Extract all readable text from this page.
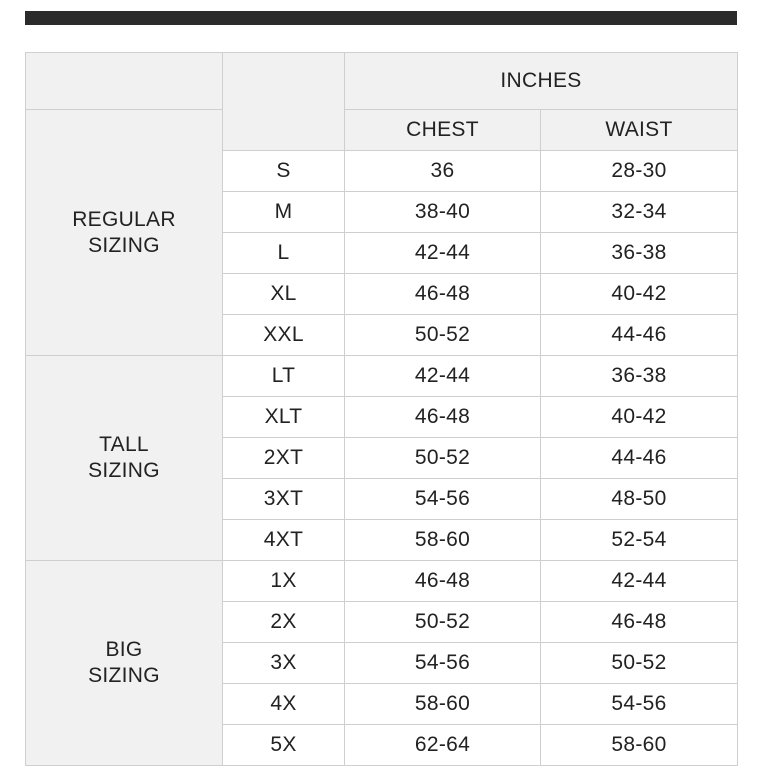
		INCHES	
REGULAR
SIZING		CHEST	WAIST
	S	36	28-30
	M	38-40	32-34
	L	42-44	36-38
	XL	46-48	40-42
	XXL	50-52	44-46
TALL
SIZING	LT	42-44	36-38
	XLT	46-48	40-42
	2XT	50-52	44-46
	3XT	54-56	48-50
	4XT	58-60	52-54
BIG
SIZING	1X	46-48	42-44
	2X	50-52	46-48
	3X	54-56	50-52
	4X	58-60	54-56
	5X	62-64	58-60
